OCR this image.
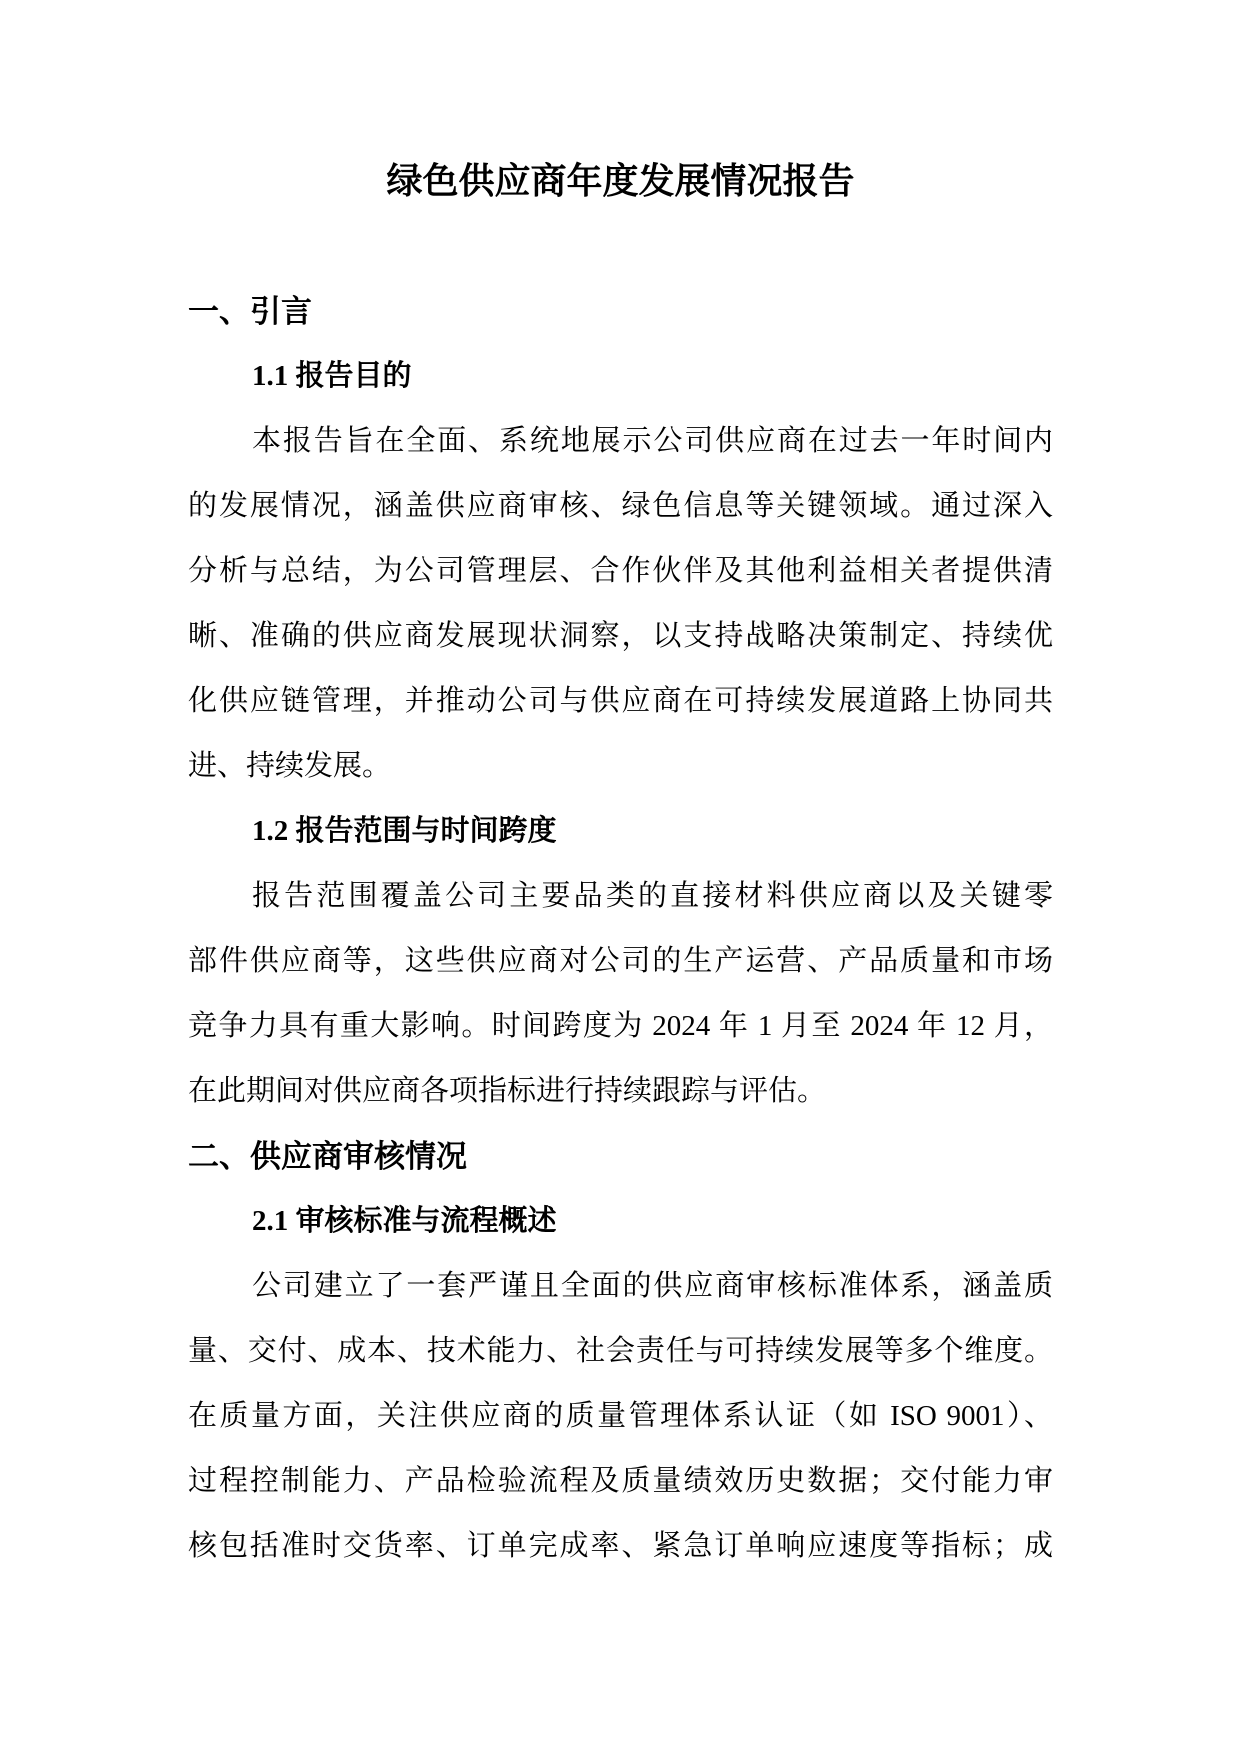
绿色供应商年度发展情况报告
一、引言
1.1 报告目的
本报告旨在全面、系统地展示公司供应商在过去一年时间内
的发展情况，涵盖供应商审核、绿色信息等关键领域。通过深入
分析与总结，为公司管理层、合作伙伴及其他利益相关者提供清
晰、准确的供应商发展现状洞察，以支持战略决策制定、持续优
化供应链管理，并推动公司与供应商在可持续发展道路上协同共
进、持续发展。
1.2 报告范围与时间跨度
报告范围覆盖公司主要品类的直接材料供应商以及关键零
部件供应商等，这些供应商对公司的生产运营、产品质量和市场
竞争力具有重大影响。时间跨度为 2024 年 1 月至 2024 年 12 月，
在此期间对供应商各项指标进行持续跟踪与评估。
二、供应商审核情况
2.1 审核标准与流程概述
公司建立了一套严谨且全面的供应商审核标准体系，涵盖质
量、交付、成本、技术能力、社会责任与可持续发展等多个维度。
在质量方面，关注供应商的质量管理体系认证（如 ISO 9001）、
过程控制能力、产品检验流程及质量绩效历史数据；交付能力审
核包括准时交货率、订单完成率、紧急订单响应速度等指标；成
